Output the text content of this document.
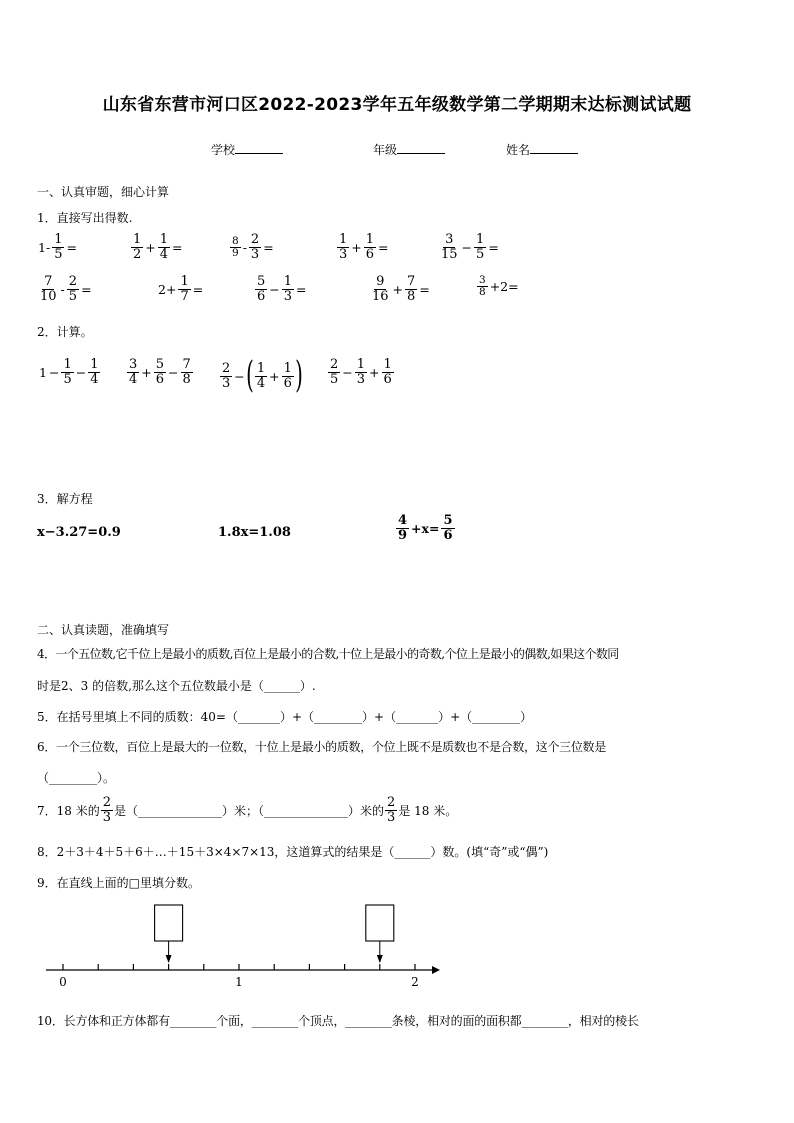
山东省东营市河口区2022-2023学年五年级数学第二学期期末达标测试试题
学校	年级	姓名
一、认真审题，细心计算
1．直接写出得数.
$1- \frac{1}{5}$ =	$\frac{1}{2} + \frac{1}{4}$ =	$\frac{8}{9} - \frac{2}{3}$ =	$\frac{1}{3} + \frac{1}{6}$ =	$\frac{3}{15} - \frac{1}{5}$ =
$\frac{7}{10} - \frac{2}{5}$ =	$2+ \frac{1}{7}$ =	$\frac{5}{6} - \frac{1}{3}$ =	$\frac{9}{16} + \frac{7}{8}$ =	$\frac{3}{8} +2=$
2．计算。
$1 - \frac{1}{5} - \frac{1}{4} \frac{3}{4} + \frac{5}{6} - \frac{7}{8} \frac{2}{3}$ − ( $\frac{1}{4} + \frac{1}{6}$ ) $\frac{2}{5} - \frac{1}{3} + \frac{1}{6}$
3．解方程
x−3.27=0.9	1.8x=1.08	$\frac{4}{9} +x= \frac{5}{6}$
二、认真读题，准确填写
4．一个五位数,它千位上是最小的质数,百位上是最小的合数,十位上是最小的奇数,个位上是最小的偶数,如果这个数同
时是2、3 的倍数,那么这个五位数最小是（______）.
5．在括号里填上不同的质数：40=（_______）+（________）+（_______）+（________）
6．一个三位数，百位上是最大的一位数，十位上是最小的质数，个位上既不是质数也不是合数，这个三位数是
（________）。
7．18 米的 $\frac{2}{3}$ 是（______________）米；（______________）米的 $\frac{2}{3}$ 是 18 米。
8．2＋3＋4＋5＋6＋…＋15＋3×4×7×13，这道算式的结果是（______）数。(填“奇”或“偶”)
9．在直线上面的□里填分数。
0	1	2
10．长方体和正方体都有________个面，________个顶点，________条棱，相对的面的面积都________，相对的棱长
